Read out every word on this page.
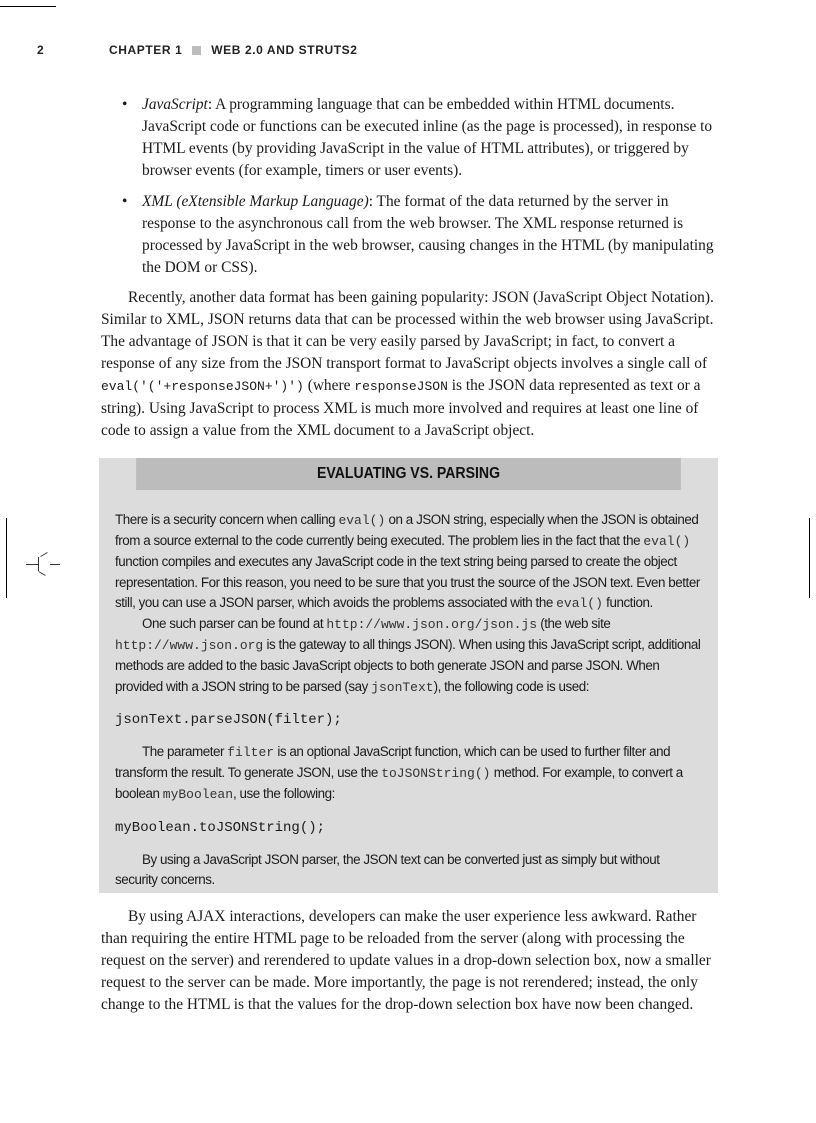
2	CHAPTER 1 WEB 2.0 AND STRUTS2
• JavaScript: A programming language that can be embedded within HTML documents. JavaScript code or functions can be executed inline (as the page is processed), in response to HTML events (by providing JavaScript in the value of HTML attributes), or triggered by browser events (for example, timers or user events).
• XML (eXtensible Markup Language): The format of the data returned by the server in response to the asynchronous call from the web browser. The XML response returned is processed by JavaScript in the web browser, causing changes in the HTML (by manipulating the DOM or CSS).
Recently, another data format has been gaining popularity: JSON (JavaScript Object Notation). Similar to XML, JSON returns data that can be processed within the web browser using JavaScript. The advantage of JSON is that it can be very easily parsed by JavaScript; in fact, to convert a response of any size from the JSON transport format to JavaScript objects involves a single call of eval('('+responseJSON+')') (where responseJSON is the JSON data represented as text or a string). Using JavaScript to process XML is much more involved and requires at least one line of code to assign a value from the XML document to a JavaScript object.
EVALUATING VS. PARSING

There is a security concern when calling eval() on a JSON string, especially when the JSON is obtained from a source external to the code currently being executed. The problem lies in the fact that the eval() function compiles and executes any JavaScript code in the text string being parsed to create the object representation. For this reason, you need to be sure that you trust the source of the JSON text. Even better still, you can use a JSON parser, which avoids the problems associated with the eval() function.

One such parser can be found at http://www.json.org/json.js (the web site http://www.json.org is the gateway to all things JSON). When using this JavaScript script, additional methods are added to the basic JavaScript objects to both generate JSON and parse JSON. When provided with a JSON string to be parsed (say jsonText), the following code is used:

jsonText.parseJSON(filter);

The parameter filter is an optional JavaScript function, which can be used to further filter and transform the result. To generate JSON, use the toJSONString() method. For example, to convert a boolean myBoolean, use the following:

myBoolean.toJSONString();

By using a JavaScript JSON parser, the JSON text can be converted just as simply but without security concerns.

By using AJAX interactions, developers can make the user experience less awkward. Rather than requiring the entire HTML page to be reloaded from the server (along with processing the request on the server) and rerendered to update values in a drop-down selection box, now a smaller request to the server can be made. More importantly, the page is not rerendered; instead, the only change to the HTML is that the values for the drop-down selection box have now been changed.
